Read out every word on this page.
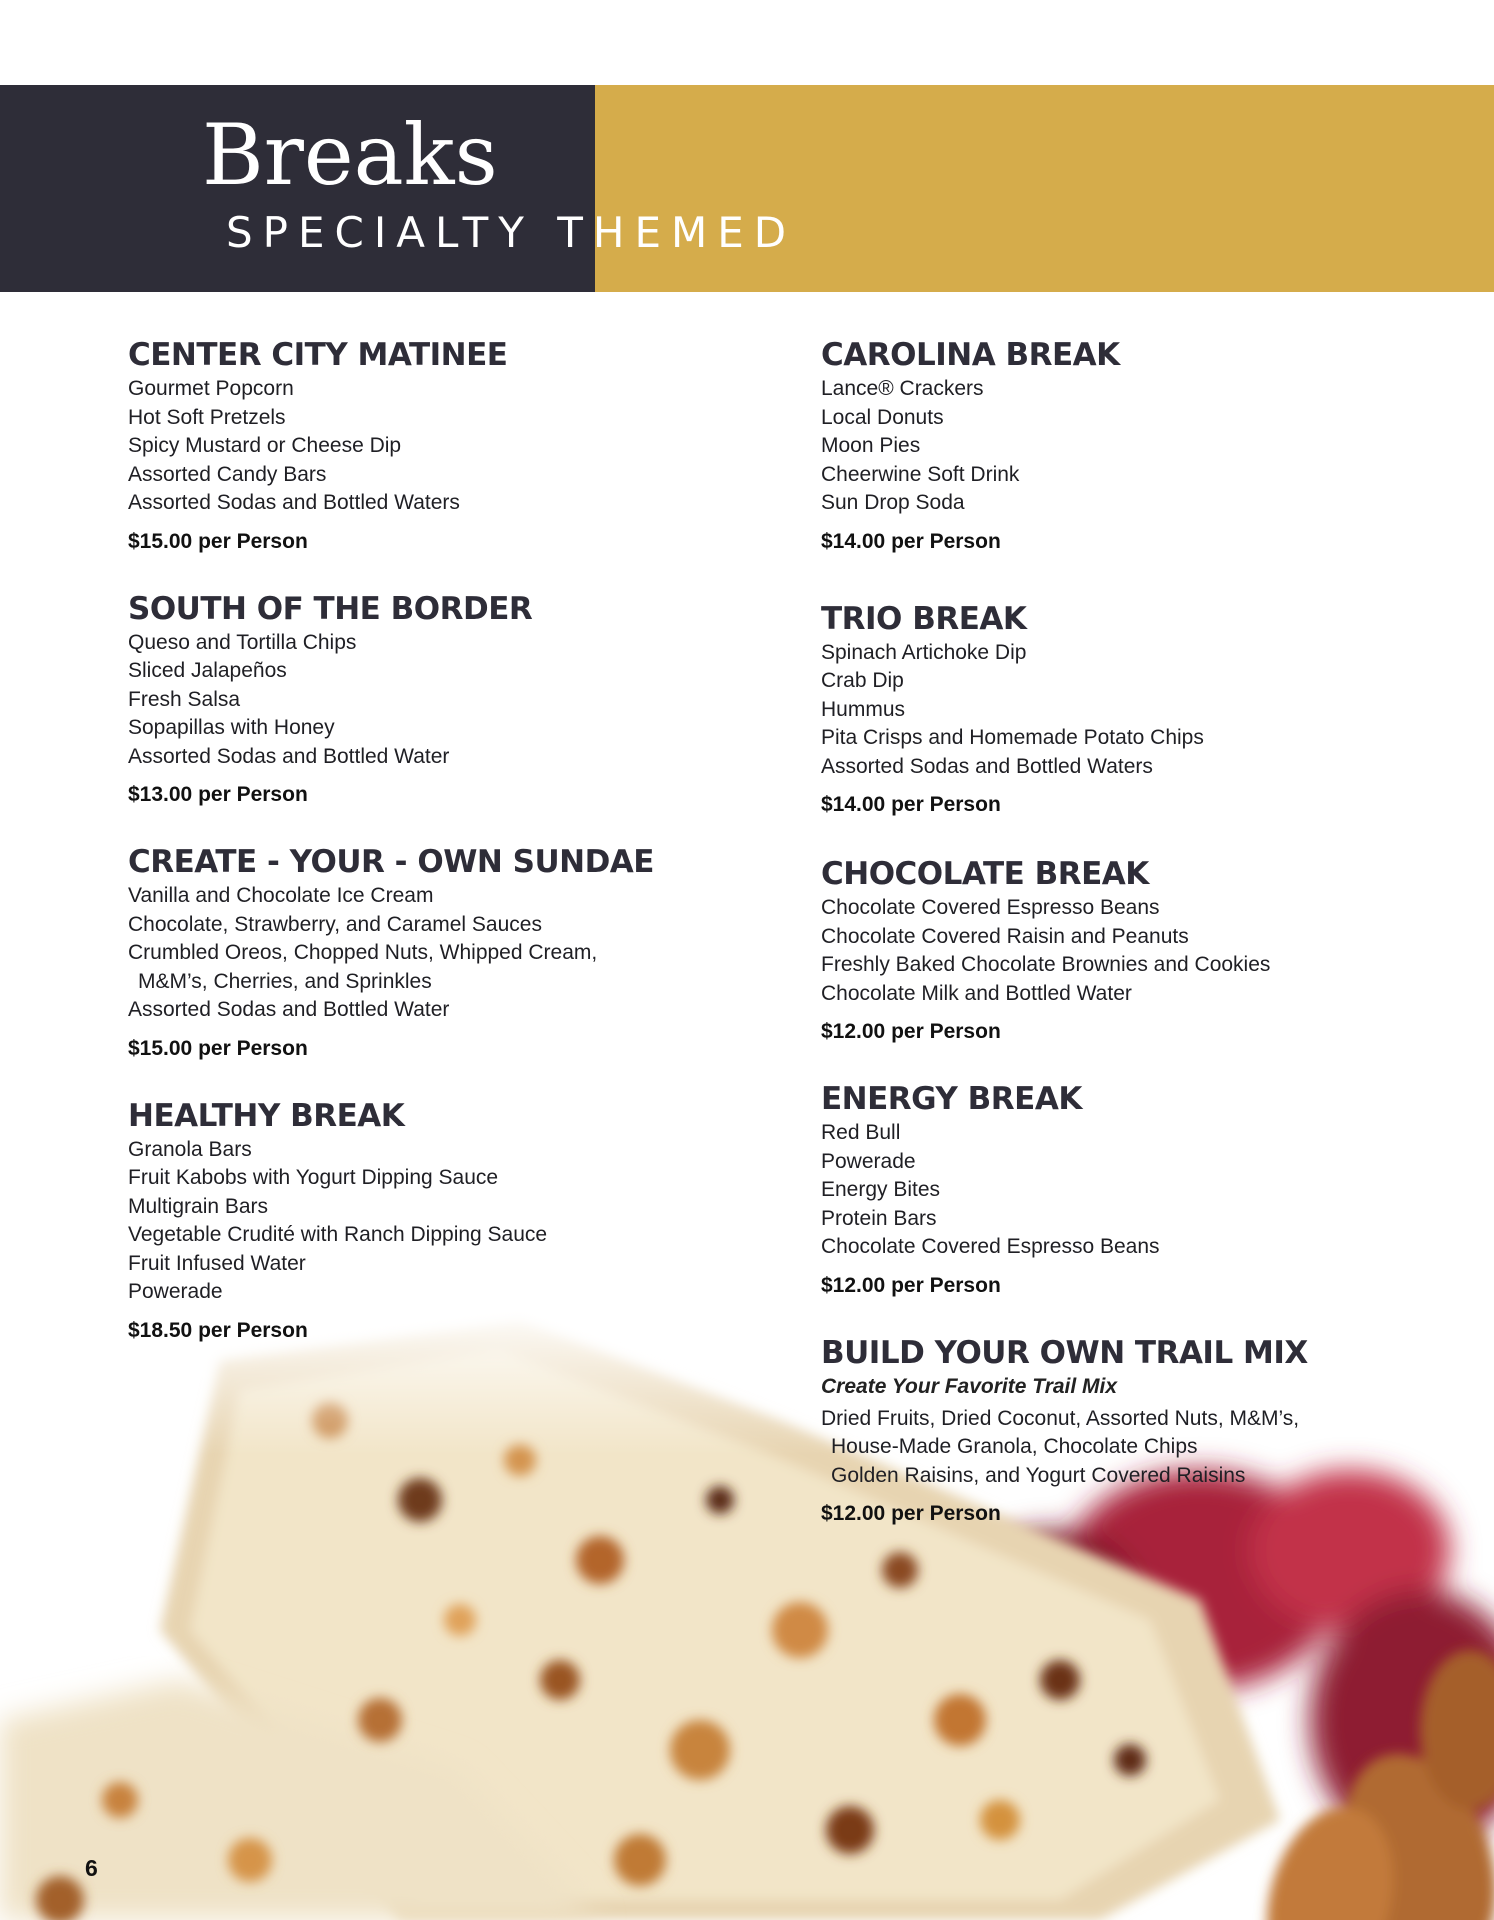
Breaks
SPECIALTY THEMED
CENTER CITY MATINEE
Gourmet Popcorn
Hot Soft Pretzels
Spicy Mustard or Cheese Dip
Assorted Candy Bars
Assorted Sodas and Bottled Waters
$15.00 per Person
SOUTH OF THE BORDER
Queso and Tortilla Chips
Sliced Jalapeños
Fresh Salsa
Sopapillas with Honey
Assorted Sodas and Bottled Water
$13.00 per Person
CREATE - YOUR - OWN SUNDAE
Vanilla and Chocolate Ice Cream
Chocolate, Strawberry, and Caramel Sauces
Crumbled Oreos, Chopped Nuts, Whipped Cream,
M&M’s, Cherries, and Sprinkles
Assorted Sodas and Bottled Water
$15.00 per Person
HEALTHY BREAK
Granola Bars
Fruit Kabobs with Yogurt Dipping Sauce
Multigrain Bars
Vegetable Crudité with Ranch Dipping Sauce
Fruit Infused Water
Powerade
$18.50 per Person
CAROLINA BREAK
Lance® Crackers
Local Donuts
Moon Pies
Cheerwine Soft Drink
Sun Drop Soda
$14.00 per Person
TRIO BREAK
Spinach Artichoke Dip
Crab Dip
Hummus
Pita Crisps and Homemade Potato Chips
Assorted Sodas and Bottled Waters
$14.00 per Person
CHOCOLATE BREAK
Chocolate Covered Espresso Beans
Chocolate Covered Raisin and Peanuts
Freshly Baked Chocolate Brownies and Cookies
Chocolate Milk and Bottled Water
$12.00 per Person
ENERGY BREAK
Red Bull
Powerade
Energy Bites
Protein Bars
Chocolate Covered Espresso Beans
$12.00 per Person
BUILD YOUR OWN TRAIL MIX
Create Your Favorite Trail Mix
Dried Fruits, Dried Coconut, Assorted Nuts, M&M’s,
House-Made Granola, Chocolate Chips
Golden Raisins, and Yogurt Covered Raisins
$12.00 per Person
6
